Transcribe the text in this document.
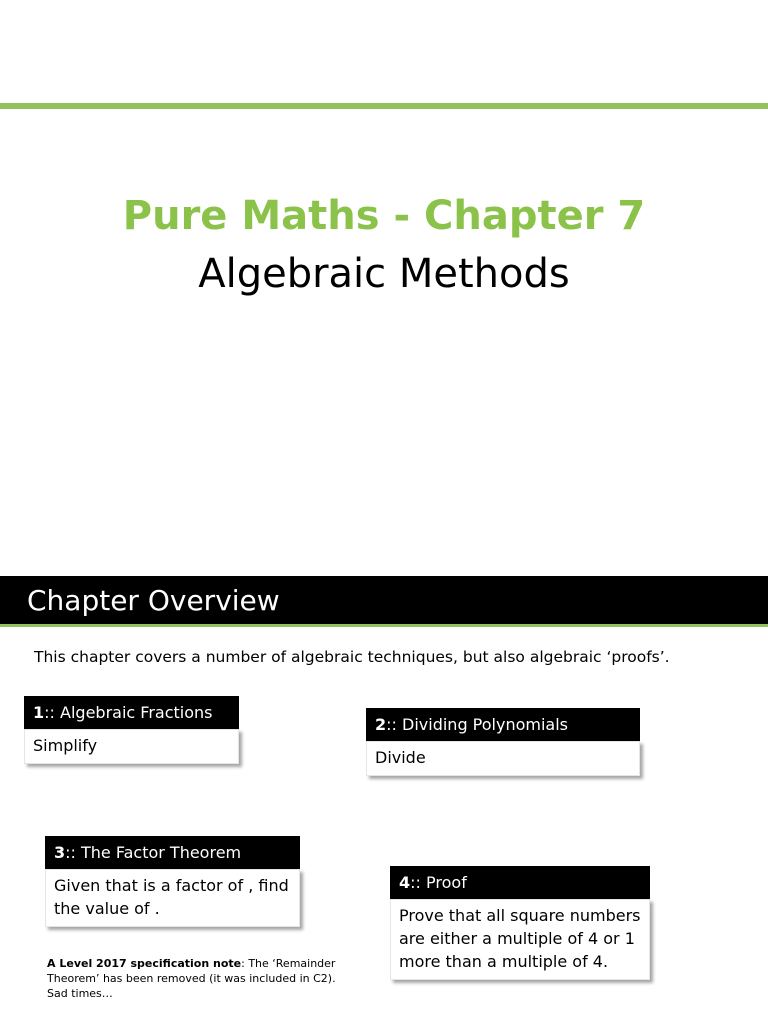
Pure Maths - Chapter 7
Algebraic Methods
Chapter Overview
This chapter covers a number of algebraic techniques, but also algebraic ‘proofs’.
1:: Algebraic Fractions
Simplify
2:: Dividing Polynomials
Divide
3:: The Factor Theorem
Given that is a factor of , find the value of .
4:: Proof
Prove that all square numbers are either a multiple of 4 or 1 more than a multiple of 4.
A Level 2017 specification note: The ‘Remainder Theorem’ has been removed (it was included in C2). Sad times…
